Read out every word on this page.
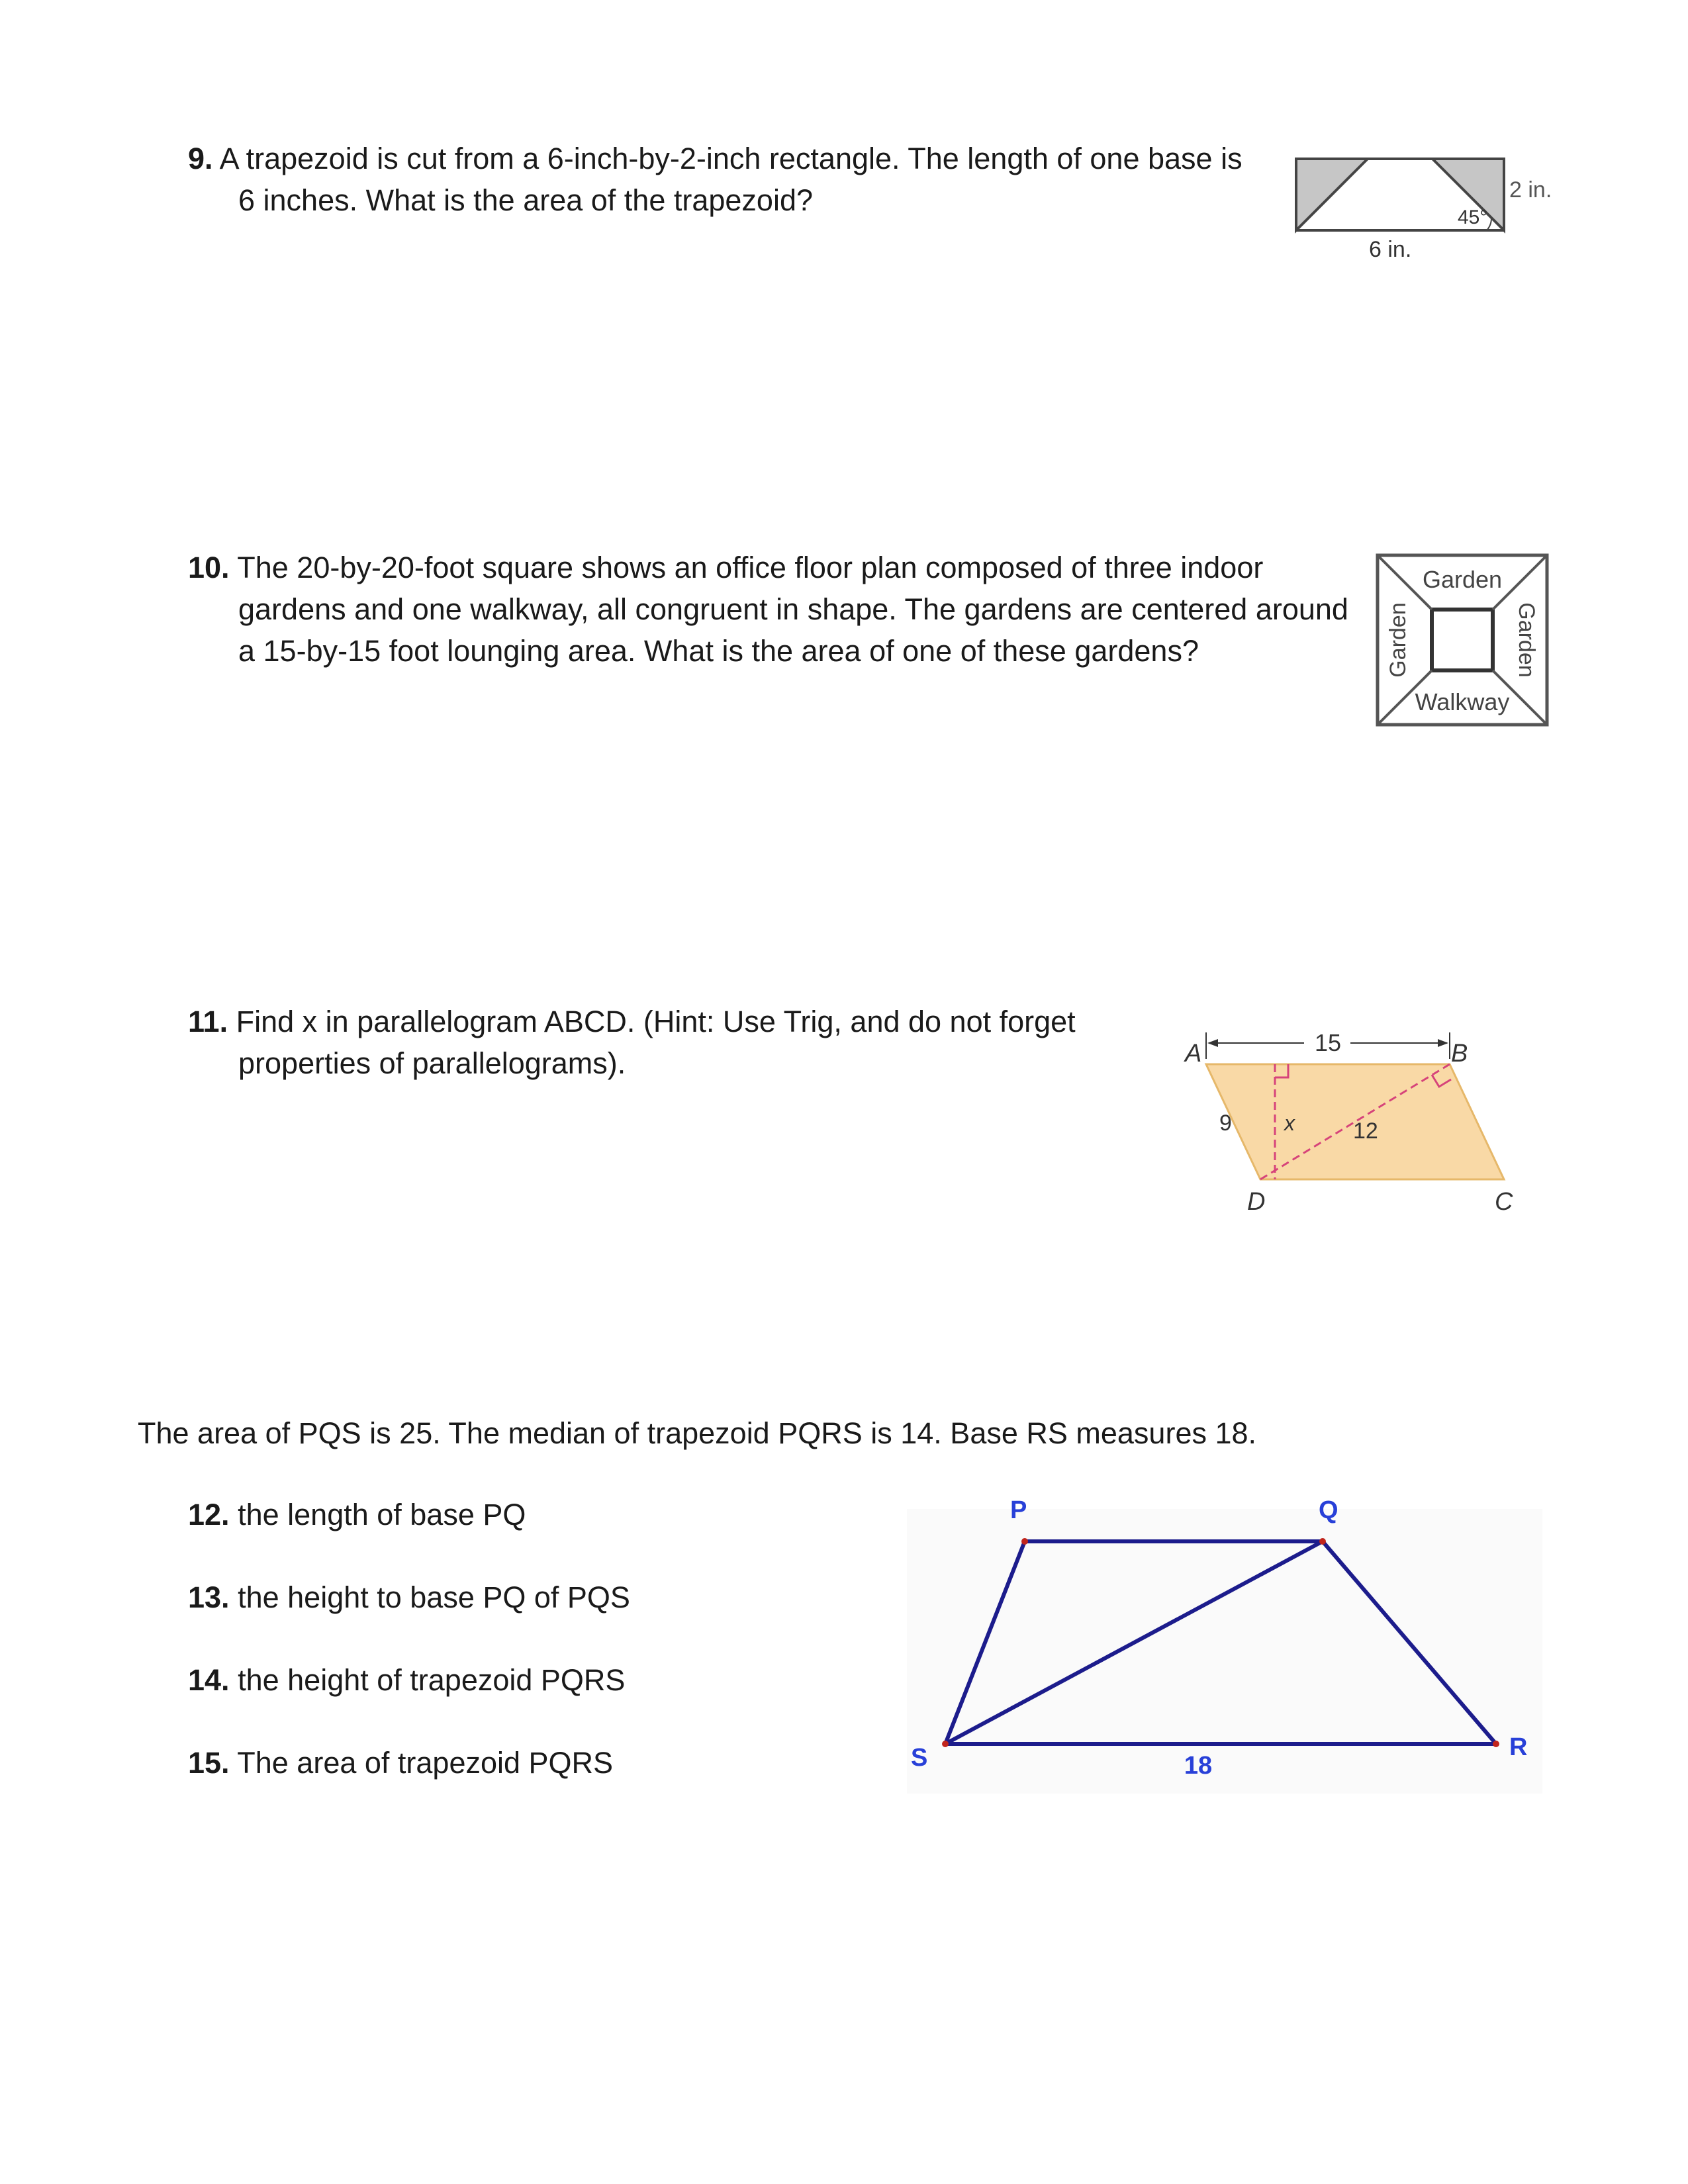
9. A trapezoid is cut from a 6-inch-by-2-inch rectangle. The length of one base is
6 inches. What is the area of the trapezoid?
45°
2 in.
6 in.
10. The 20-by-20-foot square shows an office floor plan composed of three indoor
gardens and one walkway, all congruent in shape. The gardens are centered around
a 15-by-15 foot lounging area. What is the area of one of these gardens?
Garden
Garden	Garden
Walkway
11. Find x in parallelogram ABCD. (Hint: Use Trig, and do not forget
properties of parallelograms).
15
A	B
C
D
9 x	12
The area of PQS is 25. The median of trapezoid PQRS is 14. Base RS measures 18.
12. the length of base PQ
13. the height to base PQ of PQS
14. the height of trapezoid PQRS
15. The area of trapezoid PQRS
P	Q
R
S	18
